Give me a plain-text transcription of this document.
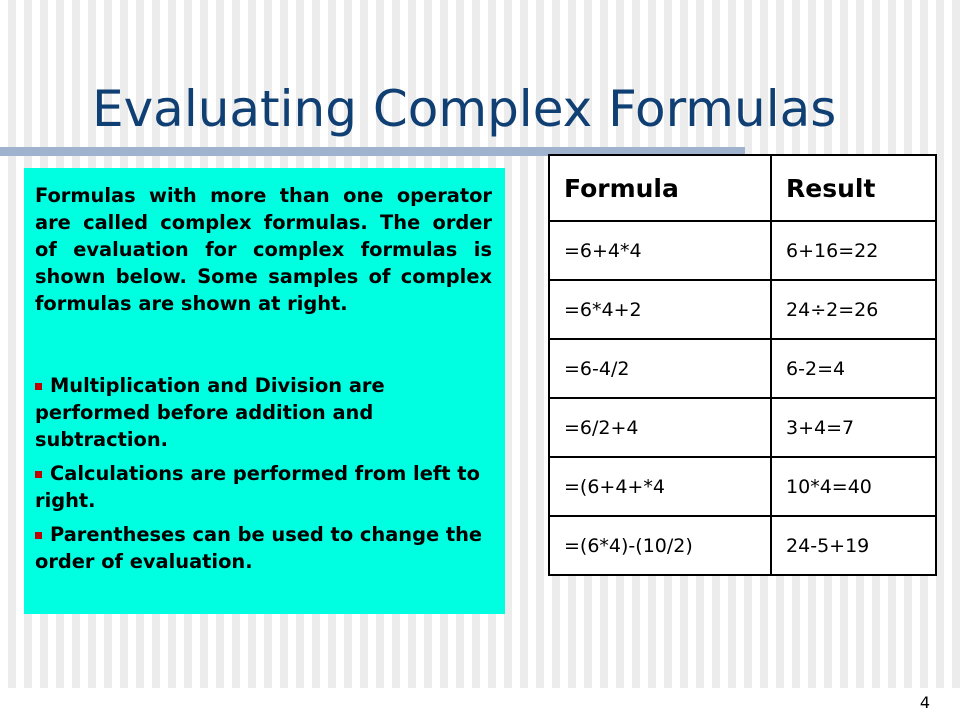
Evaluating Complex Formulas

Formulas with more than one operator are called complex formulas. The order of evaluation for complex formulas is shown below. Some samples of complex formulas are shown at right.

Multiplication and Division are performed before addition and subtraction.
Calculations are performed from left to right.
Parentheses can be used to change the order of evaluation.
Formula	Result
=6+4*4	6+16=22
=6*4+2	24÷2=26
=6-4/2	6-2=4
=6/2+4	3+4=7
=(6+4+*4	10*4=40
=(6*4)-(10/2)	24-5+19
4
